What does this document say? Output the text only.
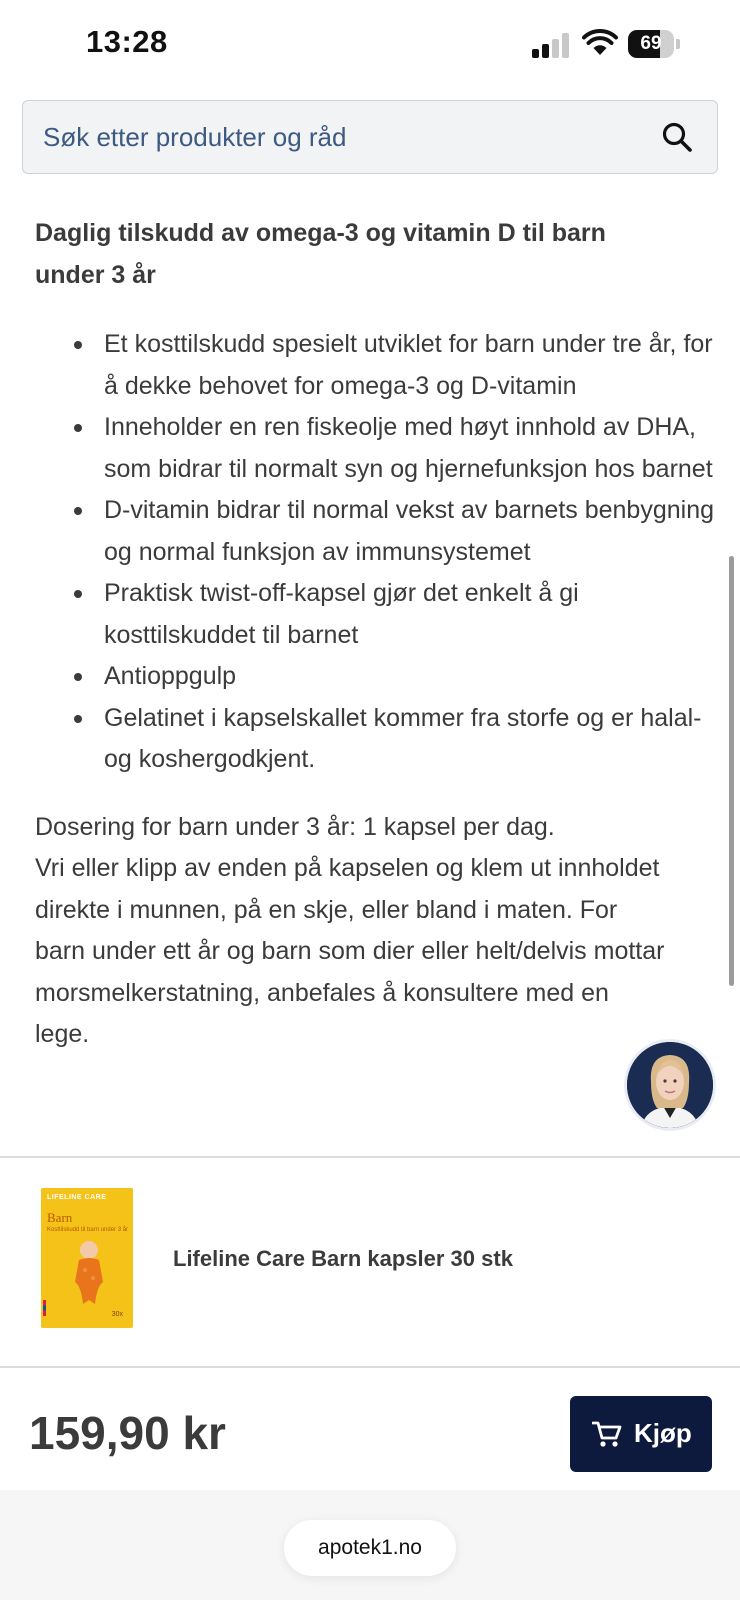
13:28	69
Søk etter produkter og råd
Daglig tilskudd av omega-3 og vitamin D til barn under 3 år
Et kosttilskudd spesielt utviklet for barn under tre år, for å dekke behovet for omega-3 og D-vitamin
Inneholder en ren fiskeolje med høyt innhold av DHA, som bidrar til normalt syn og hjernefunksjon hos barnet
D-vitamin bidrar til normal vekst av barnets benbygning og normal funksjon av immunsystemet
Praktisk twist-off-kapsel gjør det enkelt å gi kosttilskuddet til barnet
Antioppgulp
Gelatinet i kapselskallet kommer fra storfe og er halal- og koshergodkjent.
Dosering for barn under 3 år: 1 kapsel per dag.
Vri eller klipp av enden på kapselen og klem ut innholdet direkte i munnen, på en skje, eller bland i maten. For barn under ett år og barn som dier eller helt/delvis mottar morsmelkerstatning, anbefales å konsultere med en lege.
LIFELINE CARE
Barn
Kosttilskudd til barn under 3 år
30x
Lifeline Care Barn kapsler 30 stk
159,90 kr	Kjøp
apotek1.no
